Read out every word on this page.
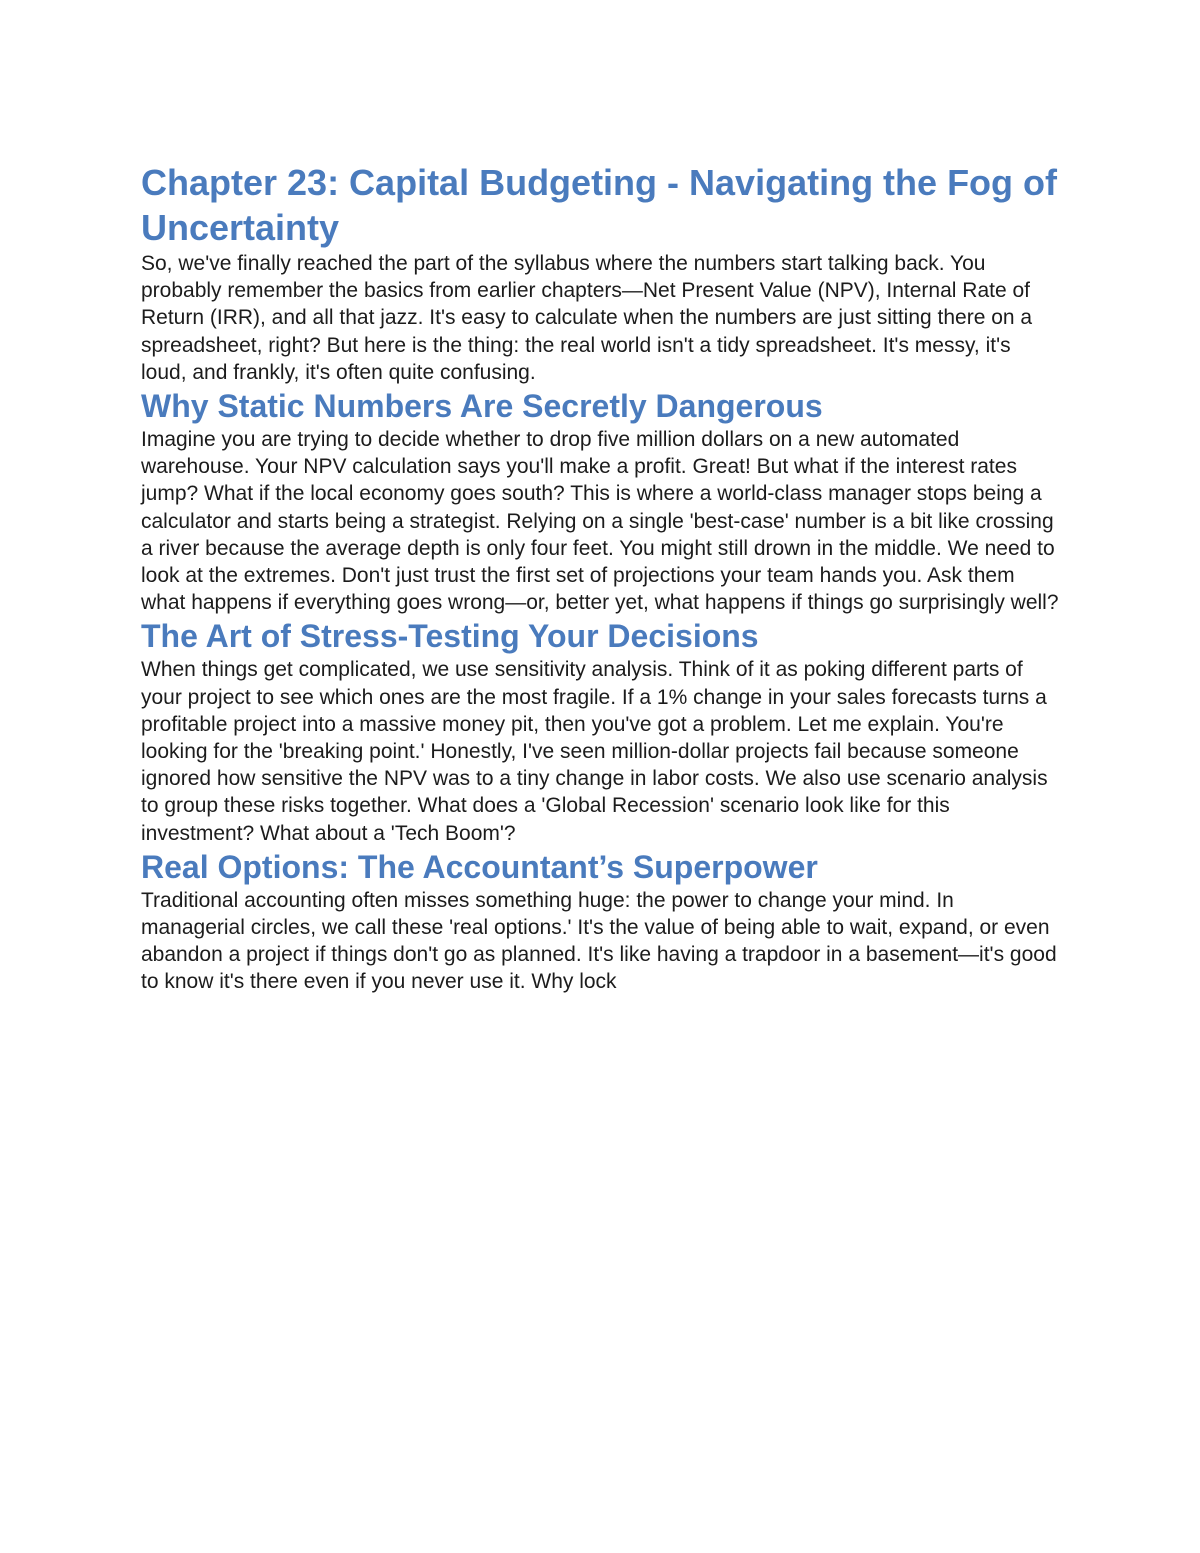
Chapter 23: Capital Budgeting - Navigating the Fog of Uncertainty

So, we've finally reached the part of the syllabus where the numbers start talking back. You probably remember the basics from earlier chapters—Net Present Value (NPV), Internal Rate of Return (IRR), and all that jazz. It's easy to calculate when the numbers are just sitting there on a spreadsheet, right? But here is the thing: the real world isn't a tidy spreadsheet. It's messy, it's loud, and frankly, it's often quite confusing.

Why Static Numbers Are Secretly Dangerous

Imagine you are trying to decide whether to drop five million dollars on a new automated warehouse. Your NPV calculation says you'll make a profit. Great! But what if the interest rates jump? What if the local economy goes south? This is where a world-class manager stops being a calculator and starts being a strategist. Relying on a single 'best-case' number is a bit like crossing a river because the average depth is only four feet. You might still drown in the middle. We need to look at the extremes. Don't just trust the first set of projections your team hands you. Ask them what happens if everything goes wrong—or, better yet, what happens if things go surprisingly well?

The Art of Stress-Testing Your Decisions

When things get complicated, we use sensitivity analysis. Think of it as poking different parts of your project to see which ones are the most fragile. If a 1% change in your sales forecasts turns a profitable project into a massive money pit, then you've got a problem. Let me explain. You're looking for the 'breaking point.' Honestly, I've seen million-dollar projects fail because someone ignored how sensitive the NPV was to a tiny change in labor costs. We also use scenario analysis to group these risks together. What does a 'Global Recession' scenario look like for this investment? What about a 'Tech Boom'?

Real Options: The Accountant’s Superpower

Traditional accounting often misses something huge: the power to change your mind. In managerial circles, we call these 'real options.' It's the value of being able to wait, expand, or even abandon a project if things don't go as planned. It's like having a trapdoor in a basement—it's good to know it's there even if you never use it. Why lock
